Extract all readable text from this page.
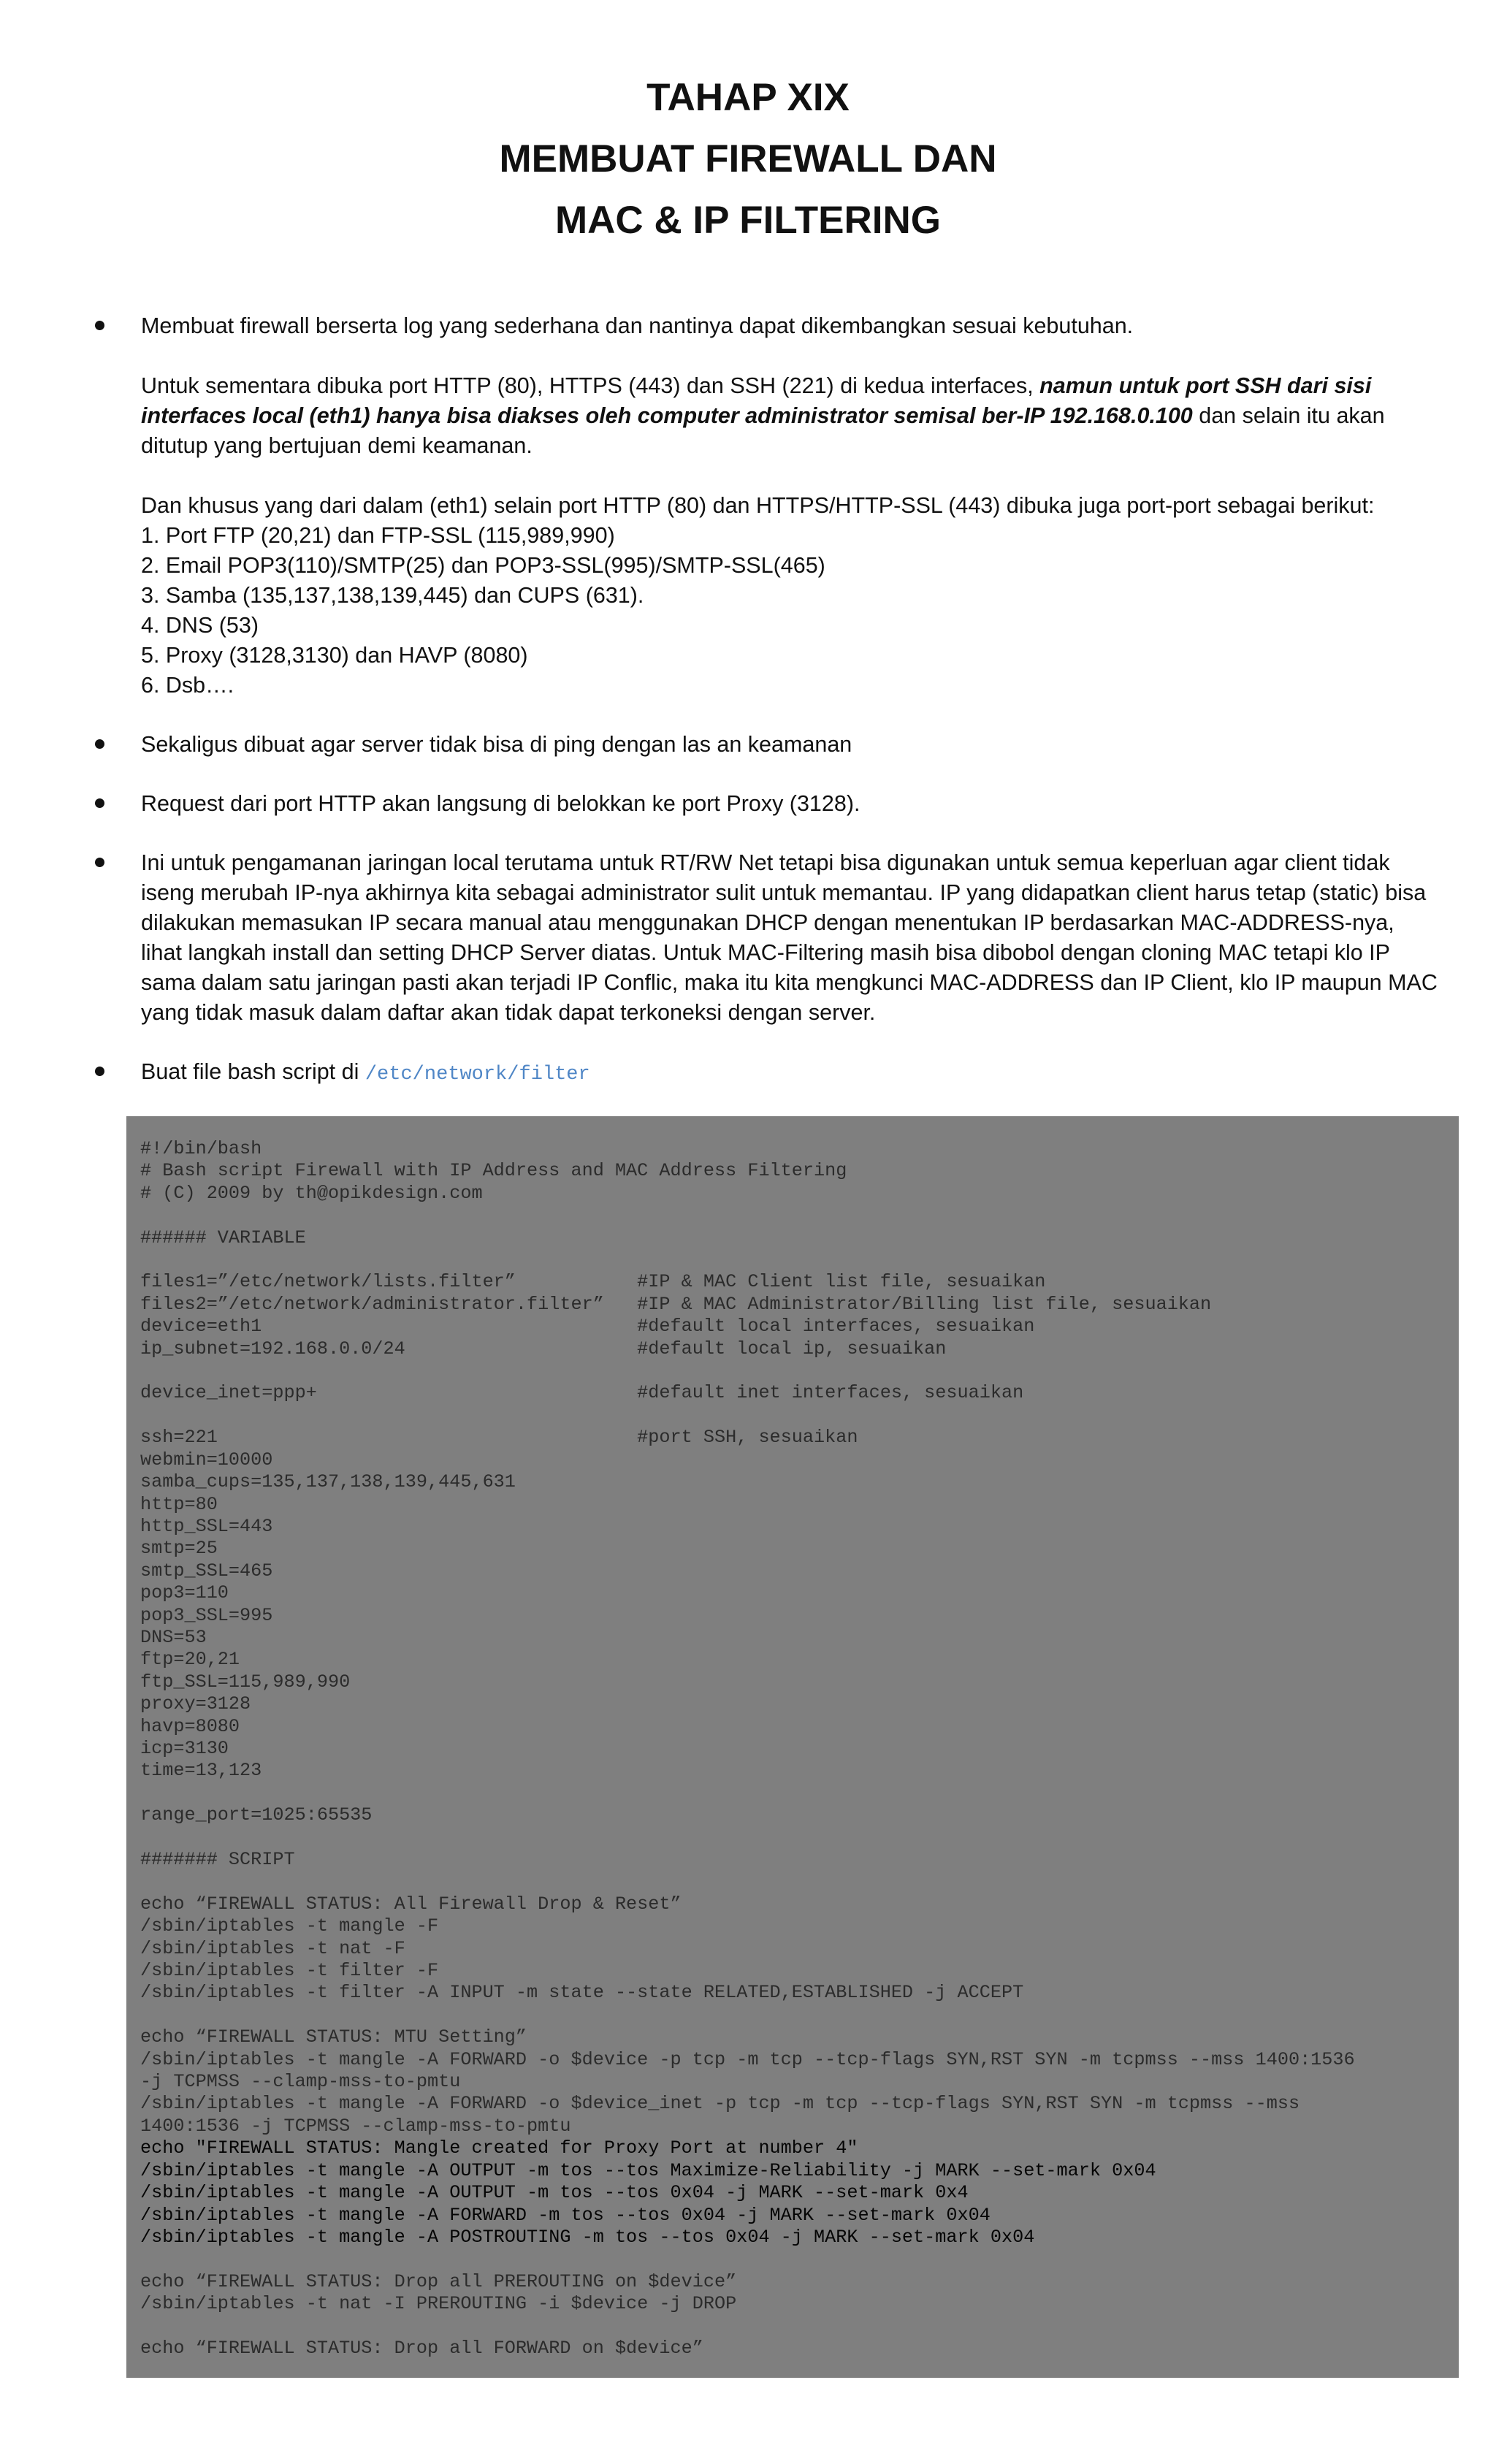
TAHAP XIX
MEMBUAT FIREWALL DAN
MAC & IP FILTERING

Membuat firewall berserta log yang sederhana dan nantinya dapat dikembangkan sesuai kebutuhan.

Untuk sementara dibuka port HTTP (80), HTTPS (443) dan SSH (221) di kedua interfaces, namun untuk port SSH dari sisi interfaces local (eth1) hanya bisa diakses oleh computer administrator semisal ber-IP 192.168.0.100 dan selain itu akan ditutup yang bertujuan demi keamanan.

Dan khusus yang dari dalam (eth1) selain port HTTP (80) dan HTTPS/HTTP-SSL (443) dibuka juga port-port sebagai berikut:
1. Port FTP (20,21) dan FTP-SSL (115,989,990)
2. Email POP3(110)/SMTP(25) dan POP3-SSL(995)/SMTP-SSL(465)
3. Samba (135,137,138,139,445) dan CUPS (631).
4. DNS (53)
5. Proxy (3128,3130) dan HAVP (8080)
6. Dsb….

Sekaligus dibuat agar server tidak bisa di ping dengan las an keamanan

Request dari port HTTP akan langsung di belokkan ke port Proxy (3128).

Ini untuk pengamanan jaringan local terutama untuk RT/RW Net tetapi bisa digunakan untuk semua keperluan agar client tidak iseng merubah IP-nya akhirnya kita sebagai administrator sulit untuk memantau. IP yang didapatkan client harus tetap (static) bisa dilakukan memasukan IP secara manual atau menggunakan DHCP dengan menentukan IP berdasarkan MAC-ADDRESS-nya, lihat langkah install dan setting DHCP Server diatas. Untuk MAC-Filtering masih bisa dibobol dengan cloning MAC tetapi klo IP sama dalam satu jaringan pasti akan terjadi IP Conflic, maka itu kita mengkunci MAC-ADDRESS dan IP Client, klo IP maupun MAC yang tidak masuk dalam daftar akan tidak dapat terkoneksi dengan server.

Buat file bash script di /etc/network/filter

#!/bin/bash
# Bash script Firewall with IP Address and MAC Address Filtering
# (C) 2009 by th@opikdesign.com

###### VARIABLE

files1=”/etc/network/lists.filter”           #IP & MAC Client list file, sesuaikan
files2=”/etc/network/administrator.filter”   #IP & MAC Administrator/Billing list file, sesuaikan
device=eth1                                  #default local interfaces, sesuaikan
ip_subnet=192.168.0.0/24                     #default local ip, sesuaikan

device_inet=ppp+                             #default inet interfaces, sesuaikan

ssh=221                                      #port SSH, sesuaikan
webmin=10000
samba_cups=135,137,138,139,445,631
http=80
http_SSL=443
smtp=25
smtp_SSL=465
pop3=110
pop3_SSL=995
DNS=53
ftp=20,21
ftp_SSL=115,989,990
proxy=3128
havp=8080
icp=3130
time=13,123

range_port=1025:65535

####### SCRIPT

echo “FIREWALL STATUS: All Firewall Drop & Reset”
/sbin/iptables -t mangle -F
/sbin/iptables -t nat -F
/sbin/iptables -t filter -F
/sbin/iptables -t filter -A INPUT -m state --state RELATED,ESTABLISHED -j ACCEPT

echo “FIREWALL STATUS: MTU Setting”
/sbin/iptables -t mangle -A FORWARD -o $device -p tcp -m tcp --tcp-flags SYN,RST SYN -m tcpmss --mss 1400:1536
-j TCPMSS --clamp-mss-to-pmtu
/sbin/iptables -t mangle -A FORWARD -o $device_inet -p tcp -m tcp --tcp-flags SYN,RST SYN -m tcpmss --mss
1400:1536 -j TCPMSS --clamp-mss-to-pmtu
echo "FIREWALL STATUS: Mangle created for Proxy Port at number 4"
/sbin/iptables -t mangle -A OUTPUT -m tos --tos Maximize-Reliability -j MARK --set-mark 0x04
/sbin/iptables -t mangle -A OUTPUT -m tos --tos 0x04 -j MARK --set-mark 0x4
/sbin/iptables -t mangle -A FORWARD -m tos --tos 0x04 -j MARK --set-mark 0x04
/sbin/iptables -t mangle -A POSTROUTING -m tos --tos 0x04 -j MARK --set-mark 0x04

echo “FIREWALL STATUS: Drop all PREROUTING on $device”
/sbin/iptables -t nat -I PREROUTING -i $device -j DROP

echo “FIREWALL STATUS: Drop all FORWARD on $device”
